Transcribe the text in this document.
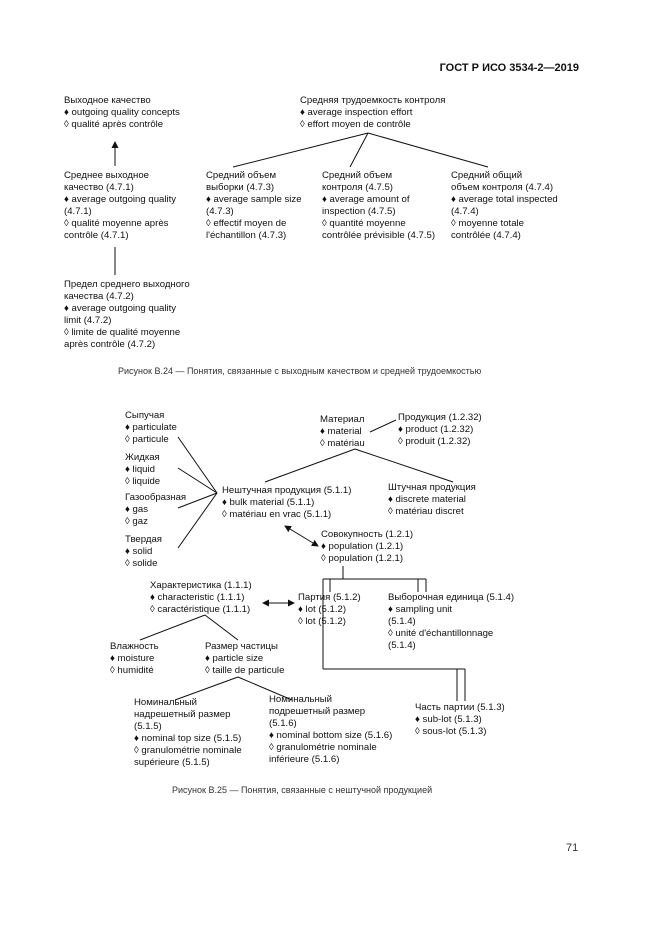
ГОСТ Р ИСО 3534-2—2019
Выходное качество
♦ outgoing quality concepts
◊ qualité après contrôle
Средняя трудоемкость контроля
♦ average inspection effort
◊ effort moyen de contrôle
Среднее выходное
качество (4.7.1)
♦ average outgoing quality
(4.7.1)
◊ qualité moyenne après
contrôle (4.7.1)
Средний объем
выборки (4.7.3)
♦ average sample size
(4.7.3)
◊ effectif moyen de
l'échantillon (4.7.3)
Средний объем
контроля (4.7.5)
♦ average amount of
inspection (4.7.5)
◊ quantité moyenne
contrôlée prévisible (4.7.5)
Средний общий
объем контроля (4.7.4)
♦ average total inspected
(4.7.4)
◊ moyenne totale
contrôlée (4.7.4)
Предел среднего выходного
качества (4.7.2)
♦ average outgoing quality
limit (4.7.2)
◊ limite de qualité moyenne
après contrôle (4.7.2)
Рисунок B.24 — Понятия, связанные с выходным качеством и средней трудоемкостью
Сыпучая
♦ particulate
◊ particule
Жидкая
♦ liquid
◊ liquide
Газообразная
♦ gas
◊ gaz
Твердая
♦ solid
◊ solide
Материал
♦ material
◊ matériau
Продукция (1.2.32)
♦ product (1.2.32)
◊ produit (1.2.32)
Нештучная продукция (5.1.1)
♦ bulk material (5.1.1)
◊ matériau en vrac (5.1.1)
Штучная продукция
♦ discrete material
◊ matériau discret
Совокупность (1.2.1)
♦ population (1.2.1)
◊ population (1.2.1)
Характеристика (1.1.1)
♦ characteristic (1.1.1)
◊ caractéristique (1.1.1)
Партия (5.1.2)
♦ lot (5.1.2)
◊ lot (5.1.2)
Выборочная единица (5.1.4)
♦ sampling unit
(5.1.4)
◊ unité d'échantillonnage
(5.1.4)
Влажность
♦ moisture
◊ humidité
Размер частицы
♦ particle size
◊ taille de particule
Номинальный
надрешетный размер
(5.1.5)
♦ nominal top size (5.1.5)
◊ granulométrie nominale
supérieure (5.1.5)
Номинальный
подрешетный размер
(5.1.6)
♦ nominal bottom size (5.1.6)
◊ granulométrie nominale
inférieure (5.1.6)
Часть партии (5.1.3)
♦ sub-lot (5.1.3)
◊ sous-lot (5.1.3)
Рисунок B.25 — Понятия, связанные с нештучной продукцией
71
